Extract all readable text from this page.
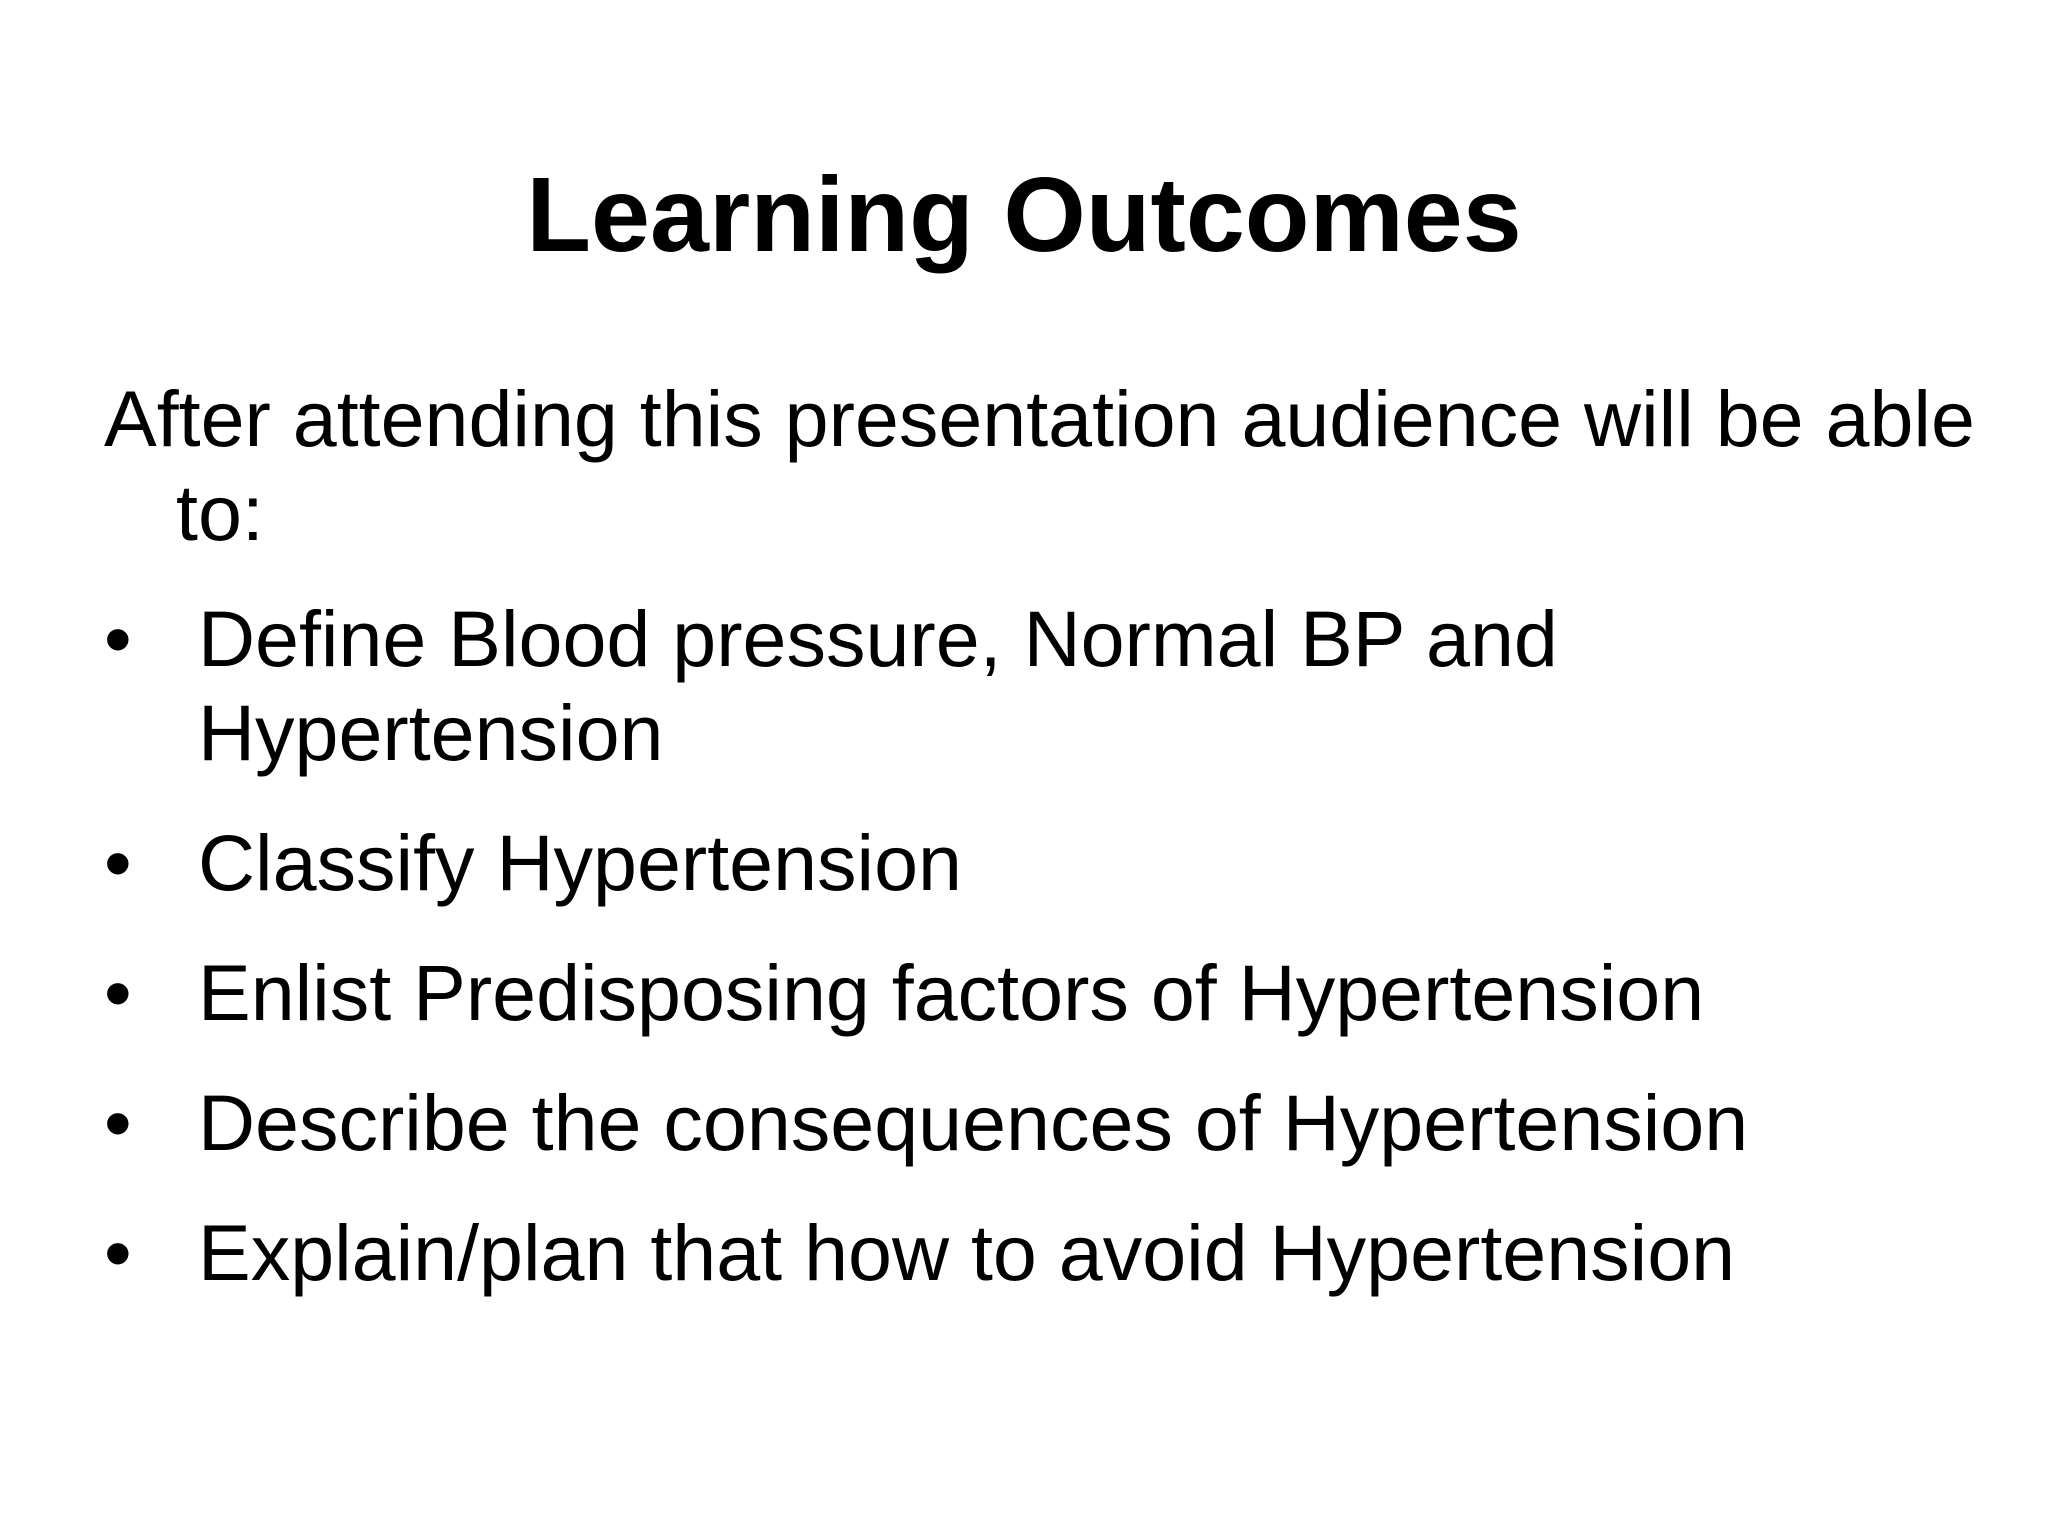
Learning Outcomes

After attending this presentation audience will be able to:

• Define Blood pressure, Normal BP and Hypertension
• Classify Hypertension
• Enlist Predisposing factors of Hypertension
• Describe the consequences of Hypertension
• Explain/plan that how to avoid Hypertension
